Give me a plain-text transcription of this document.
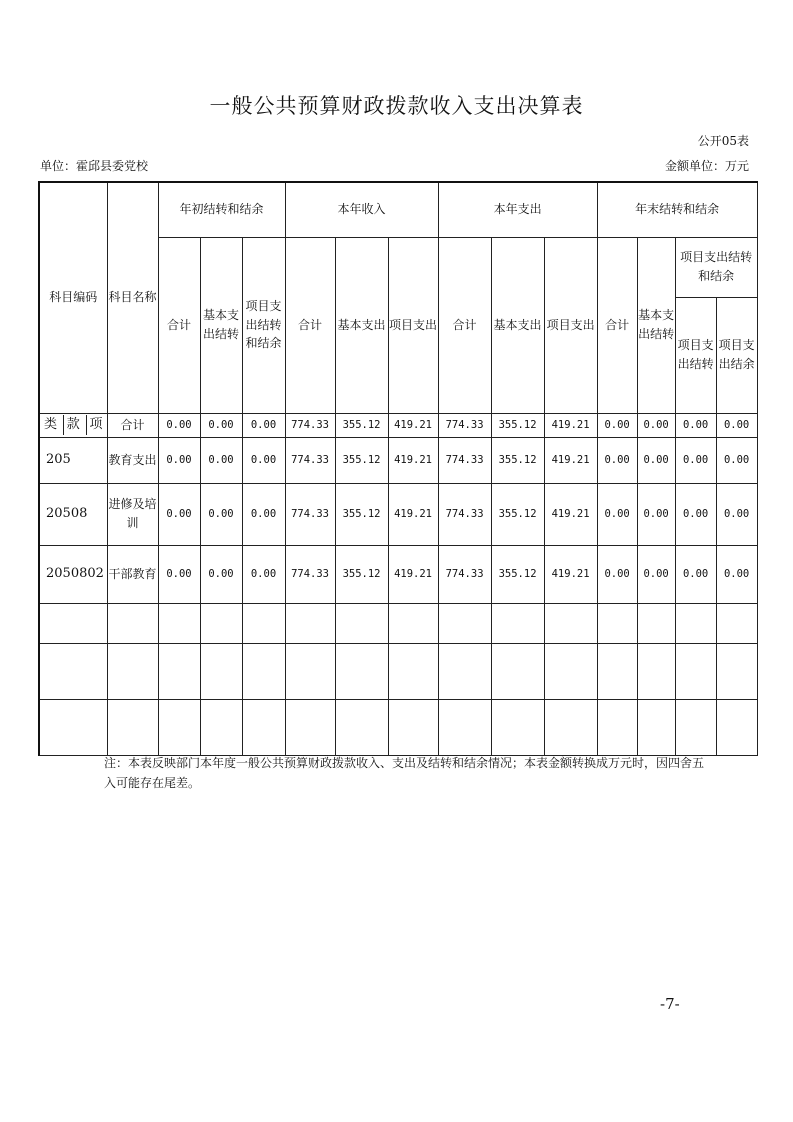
一般公共预算财政拨款收入支出决算表
公开05表
单位：霍邱县委党校	金额单位：万元
科目编码	科目名称	年初结转和结余			本年收入			本年支出			年末结转和结余			
		合计	基本支出结转	项目支出结转和结余	合计	基本支出	项目支出	合计	基本支出	项目支出	合计	基本支出结转	项目支出结转和结余	
													项目支出结转	项目支出结余

类 款 项	合计	0.00	0.00	0.00	774.33	355.12	419.21	774.33	355.12	419.21	0.00	0.00	0.00	0.00
205	教育支出	0.00	0.00	0.00	774.33	355.12	419.21	774.33	355.12	419.21	0.00	0.00	0.00	0.00
20508	进修及培训	0.00	0.00	0.00	774.33	355.12	419.21	774.33	355.12	419.21	0.00	0.00	0.00	0.00
2050802	干部教育	0.00	0.00	0.00	774.33	355.12	419.21	774.33	355.12	419.21	0.00	0.00	0.00	0.00

注：本表反映部门本年度一般公共预算财政拨款收入、支出及结转和结余情况；本表金额转换成万元时，因四舍五入可能存在尾差。
-7-
